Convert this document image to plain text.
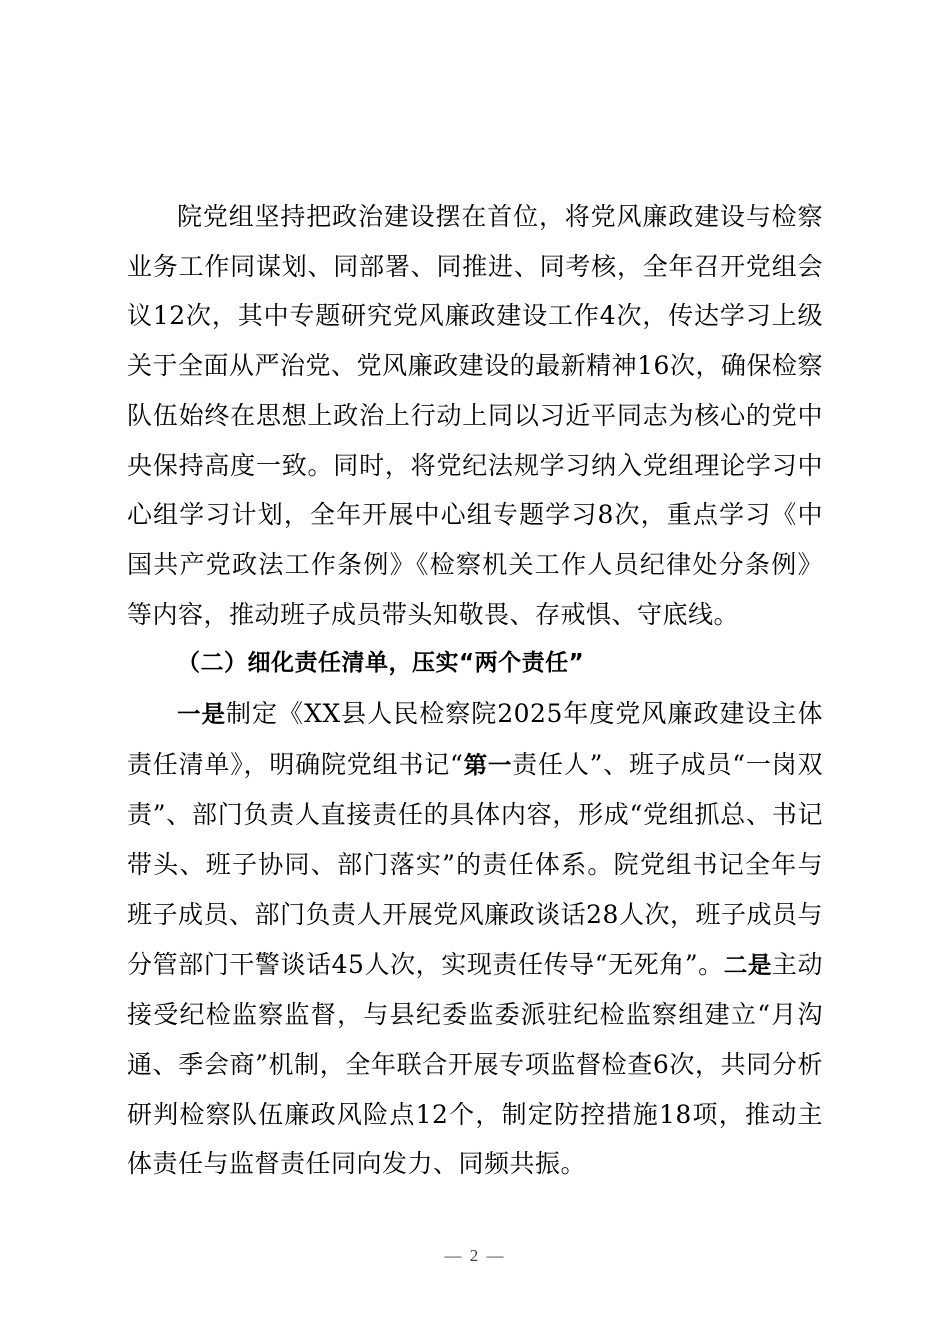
院党组坚持把政治建设摆在首位，将党风廉政建设与检察业务工作同谋划、同部署、同推进、同考核，全年召开党组会议12次，其中专题研究党风廉政建设工作4次，传达学习上级关于全面从严治党、党风廉政建设的最新精神16次，确保检察队伍始终在思想上政治上行动上同以习近平同志为核心的党中央保持高度一致。同时，将党纪法规学习纳入党组理论学习中心组学习计划，全年开展中心组专题学习8次，重点学习《中国共产党政法工作条例》《检察机关工作人员纪律处分条例》等内容，推动班子成员带头知敬畏、存戒惧、守底线。

（二）细化责任清单，压实“两个责任”

一是制定《XX县人民检察院2025年度党风廉政建设主体责任清单》，明确院党组书记“第一责任人”、班子成员“一岗双责”、部门负责人直接责任的具体内容，形成“党组抓总、书记带头、班子协同、部门落实”的责任体系。院党组书记全年与班子成员、部门负责人开展党风廉政谈话28人次，班子成员与分管部门干警谈话45人次，实现责任传导“无死角”。二是主动接受纪检监察监督，与县纪委监委派驻纪检监察组建立“月沟通、季会商”机制，全年联合开展专项监督检查6次，共同分析研判检察队伍廉政风险点12个，制定防控措施18项，推动主体责任与监督责任同向发力、同频共振。

— 2 —
